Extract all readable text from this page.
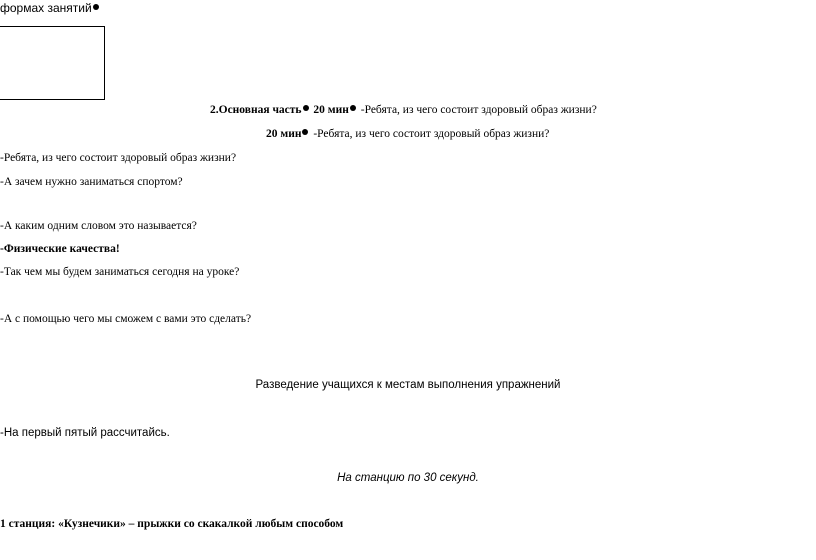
формах занятий
2.Основная часть 20 мин -Ребята, из чего состоит здоровый образ жизни?
20 мин -Ребята, из чего состоит здоровый образ жизни?
-Ребята, из чего состоит здоровый образ жизни?
-А зачем нужно заниматься спортом?
-А каким одним словом это называется?
-Физические качества!
-Так чем мы будем заниматься сегодня на уроке?
-А с помощью чего мы сможем с вами это сделать?
Разведение учащихся к местам выполнения упражнений
-На первый пятый рассчитайсь.
На станцию по 30 секунд.
1 станция: «Кузнечики» – прыжки со скакалкой любым способом
